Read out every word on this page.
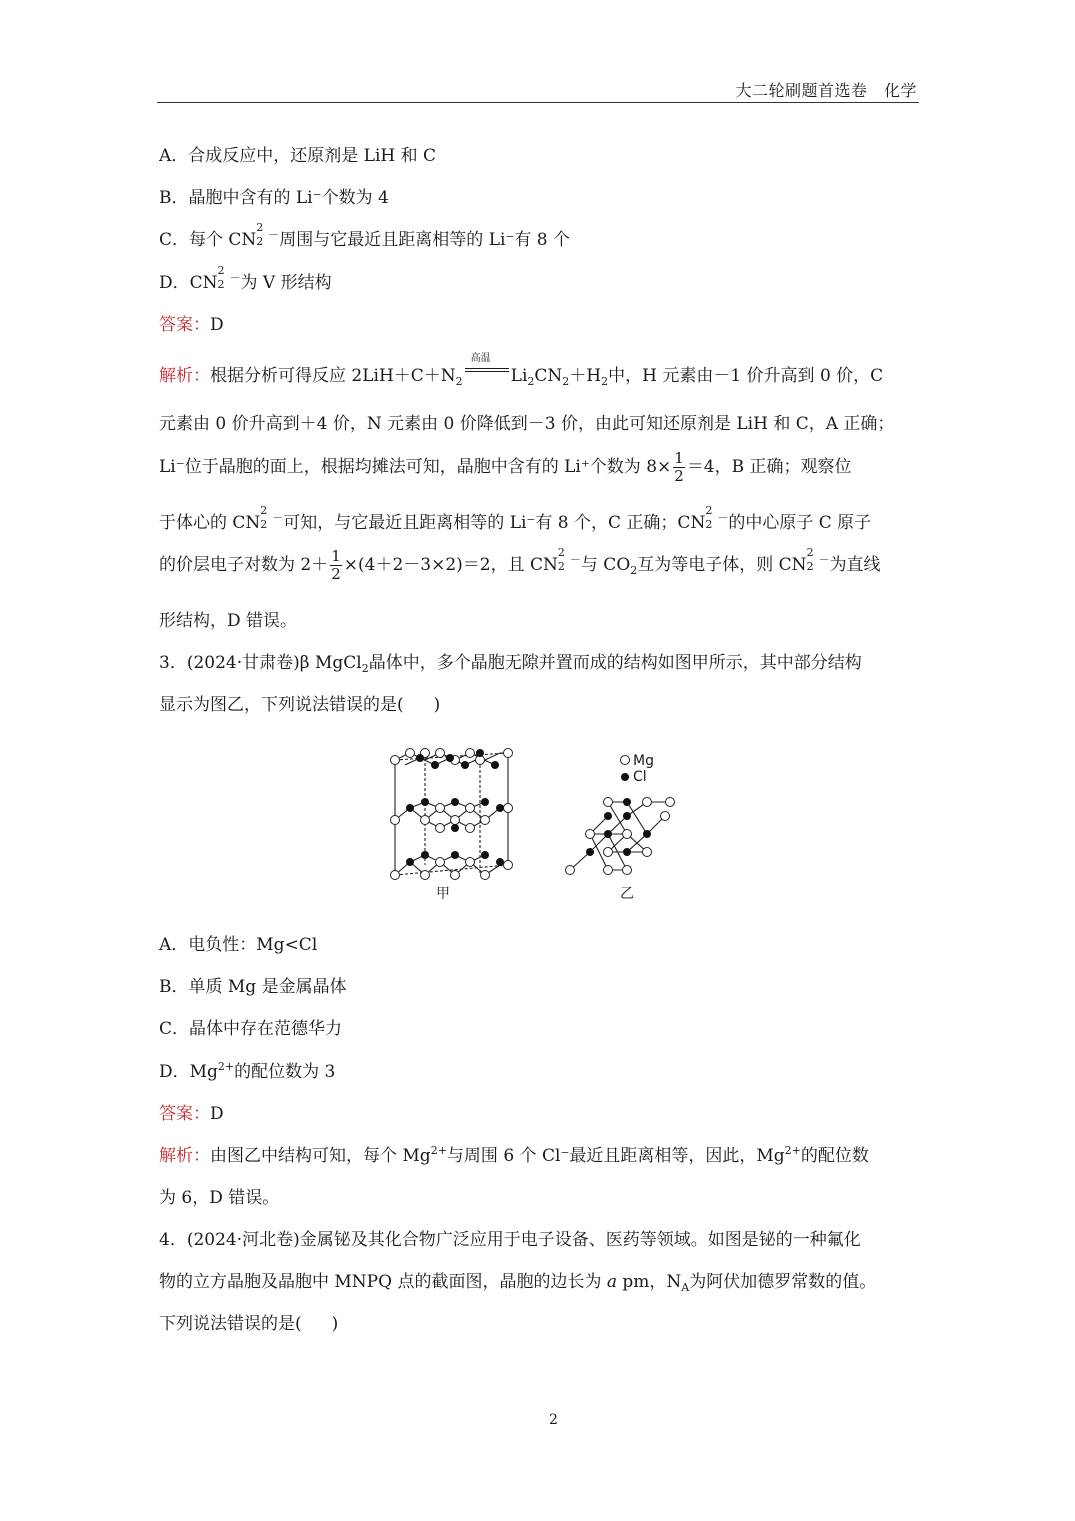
大二轮刷题首选卷　化学
A．合成反应中，还原剂是 LiH 和 C
B．晶胞中含有的 Li⁻个数为 4
C．每个 CN
2
2
－周围与它最近且距离相等的 Li⁻有 8 个
D．CN
2
2
－为 V 形结构
答案：D
解析：根据分析可得反应 $2LiH+C+N_2$
高温
$Li_2CN_2+H_2$中，H 元素由－1 价升高到 0 价，C
元素由 0 价升高到＋4 价，N 元素由 0 价降低到－3 价，由此可知还原剂是 LiH 和 C，A 正确；
Li⁻位于晶胞的面上，根据均摊法可知，晶胞中含有的 Li⁺个数为 $8\times \frac{1}{2} =4$，B 正确；观察位
于体心的 CN
2
2
－可知，与它最近且距离相等的 Li⁻有 8 个，C 正确；CN
2
2
－的中心原子 C 原子
的价层电子对数为 $2+ \frac{1}{2} \times(4+2-3\times 2)=2$，且 CN
2
2
－与 $CO_2$互为等电子体，则 CN
2
2
－为直线
形结构，D 错误。
3．(2024·甘肃卷)β MgCl$_2$晶体中，多个晶胞无隙并置而成的结构如图甲所示，其中部分结构
显示为图乙，下列说法错误的是( )
Mg
Cl
甲	乙
A．电负性：Mg<Cl
B．单质 Mg 是金属晶体
C．晶体中存在范德华力
D．$Mg^{2+}$的配位数为 3
答案：D
解析：由图乙中结构可知，每个 $Mg^{2+}$与周围 6 个 Cl⁻最近且距离相等，因此，$Mg^{2+}$的配位数
为 6，D 错误。
4．(2024·河北卷)金属铋及其化合物广泛应用于电子设备、医药等领域。如图是铋的一种氟化
物的立方晶胞及晶胞中 MNPQ 点的截面图，晶胞的边长为 a pm，$N_A$为阿伏加德罗常数的值。
下列说法错误的是( )
2
